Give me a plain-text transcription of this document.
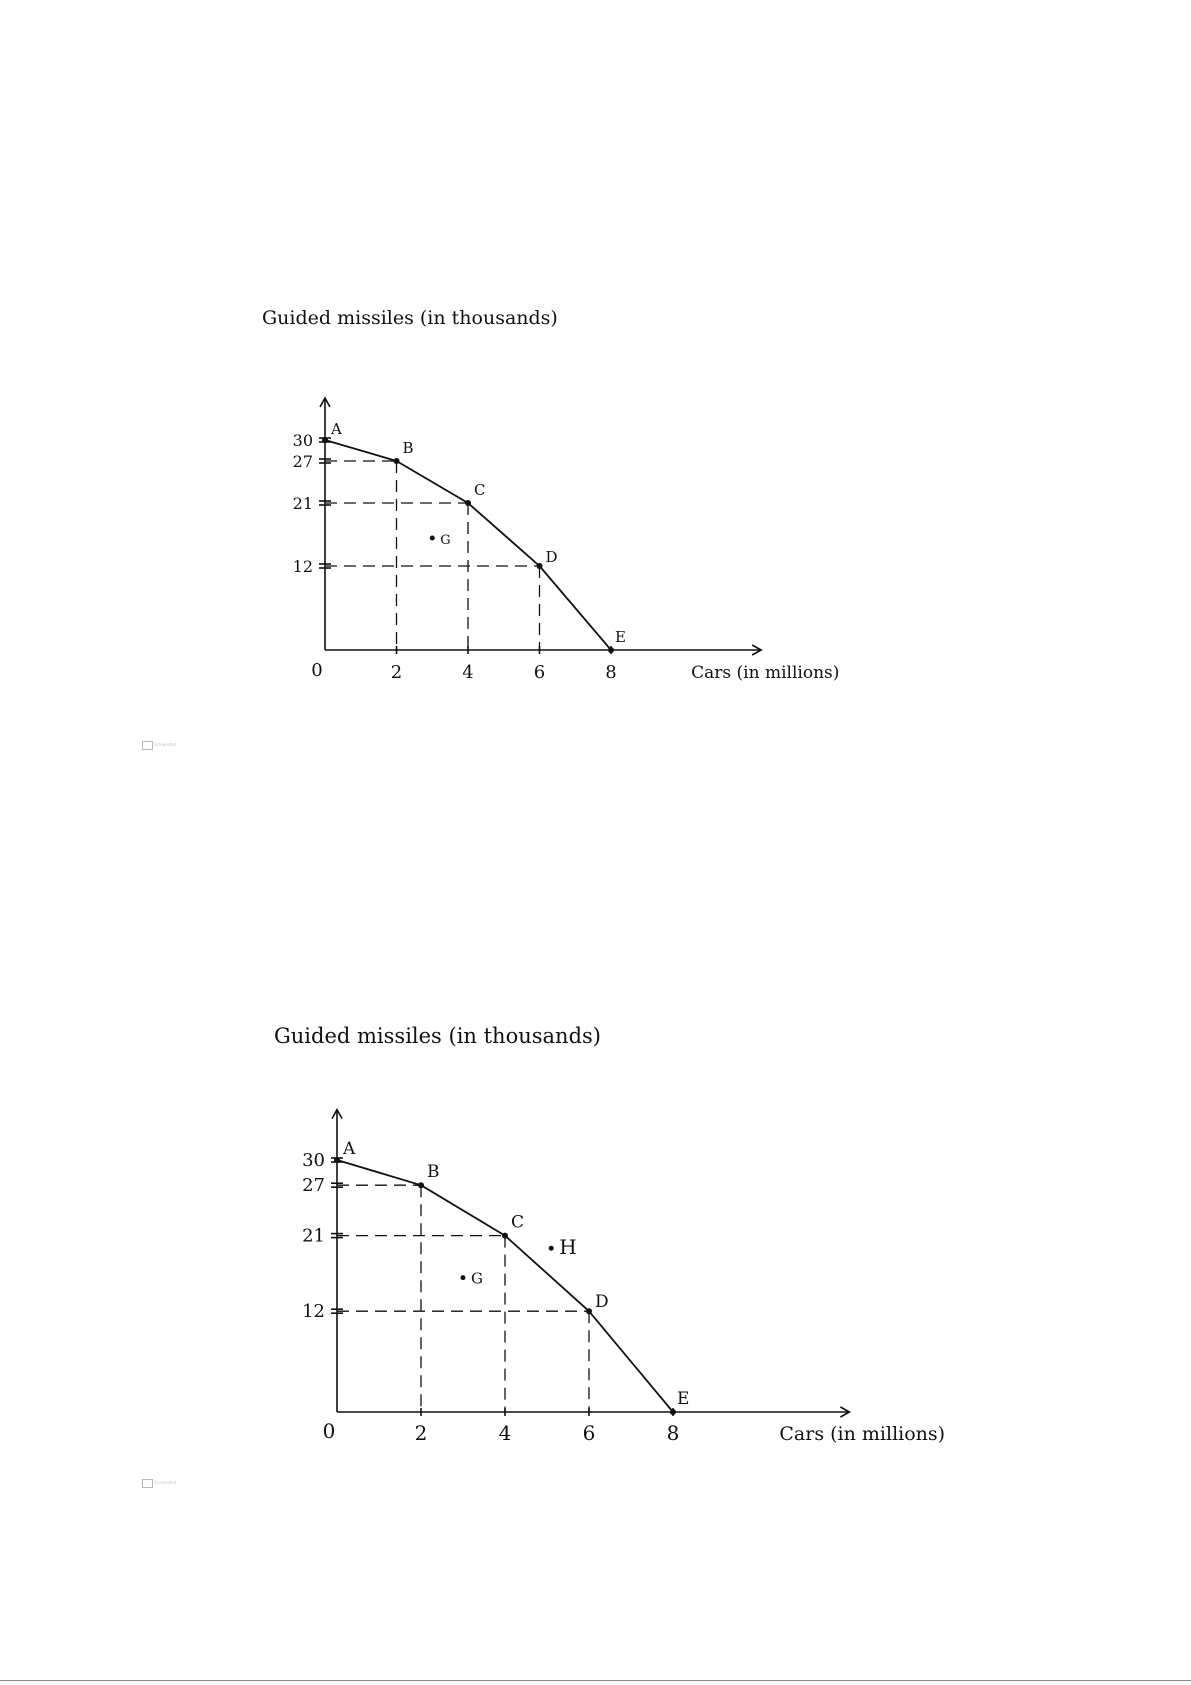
Guided missiles (in thousands)
Cars (in millions)
0
12
21
27
30
2	4	6	8
A
B
C
D
E
G
Guided missiles (in thousands)
Cars (in millions)
0
12
21
27
30
2	4	6	8
A
B
C
D
E
G
H
Screenshot
Screenshot
